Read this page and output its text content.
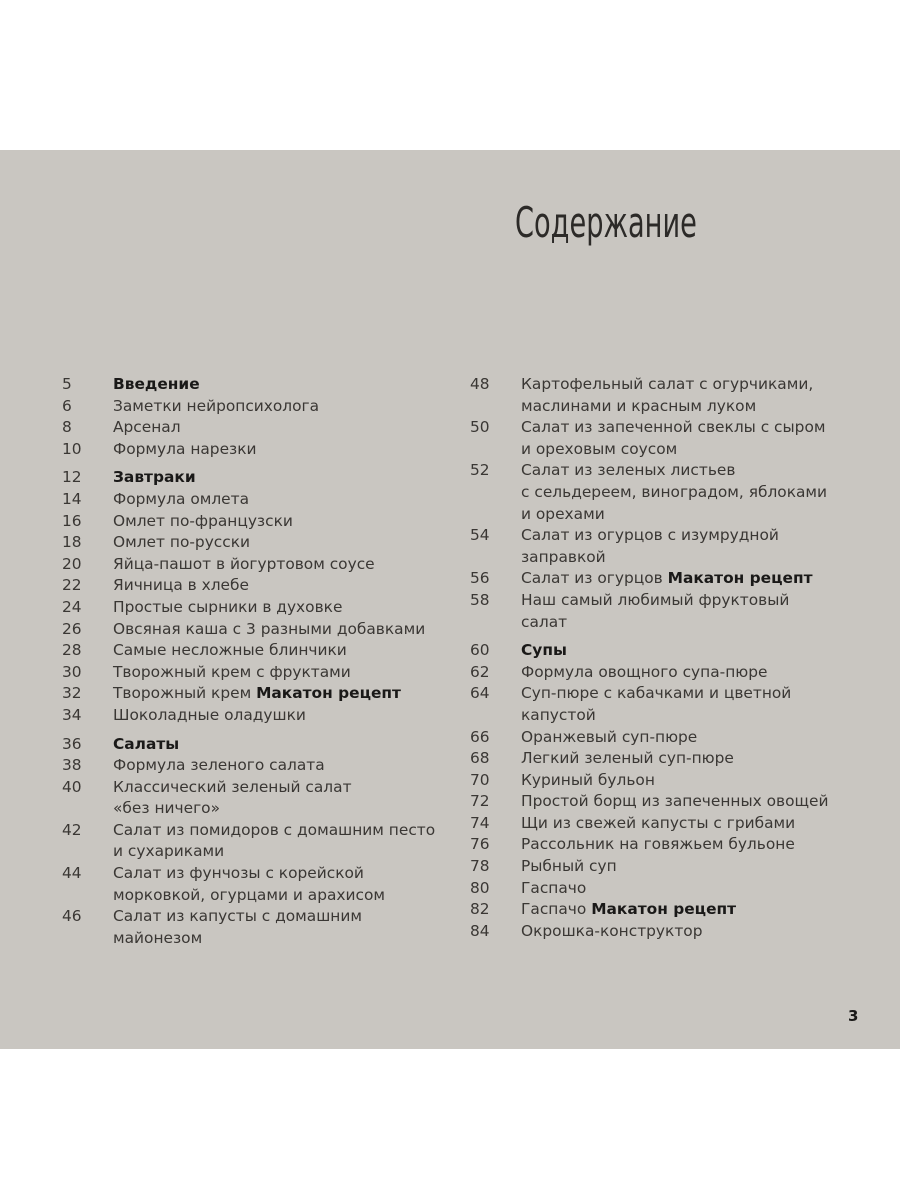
Содержание
5	Введение
6	Заметки нейропсихолога
8	Арсенал
10	Формула нарезки
12	Завтраки
14	Формула омлета
16	Омлет по-французски
18	Омлет по-русски
20	Яйца-пашот в йогуртовом соусе
22	Яичница в хлебе
24	Простые сырники в духовке
26	Овсяная каша с 3 разными добавками
28	Самые несложные блинчики
30	Творожный крем с фруктами
32	Творожный крем Макатон рецепт
34	Шоколадные оладушки
36	Салаты
38	Формула зеленого салата
40	Классический зеленый салат
«без ничего»
42	Салат из помидоров с домашним песто
и сухариками
44	Салат из фунчозы с корейской
морковкой, огурцами и арахисом
46	Салат из капусты с домашним
майонезом
48	Картофельный салат с огурчиками,
маслинами и красным луком
50	Салат из запеченной свеклы с сыром
и ореховым соусом
52	Салат из зеленых листьев
с сельдереем, виноградом, яблоками
и орехами
54	Салат из огурцов с изумрудной
заправкой
56	Салат из огурцов Макатон рецепт
58	Наш самый любимый фруктовый
салат
60	Супы
62	Формула овощного супа-пюре
64	Суп-пюре с кабачками и цветной
капустой
66	Оранжевый суп-пюре
68	Легкий зеленый суп-пюре
70	Куриный бульон
72	Простой борщ из запеченных овощей
74	Щи из свежей капусты с грибами
76	Рассольник на говяжьем бульоне
78	Рыбный суп
80	Гаспачо
82	Гаспачо Макатон рецепт
84	Окрошка-конструктор
3
